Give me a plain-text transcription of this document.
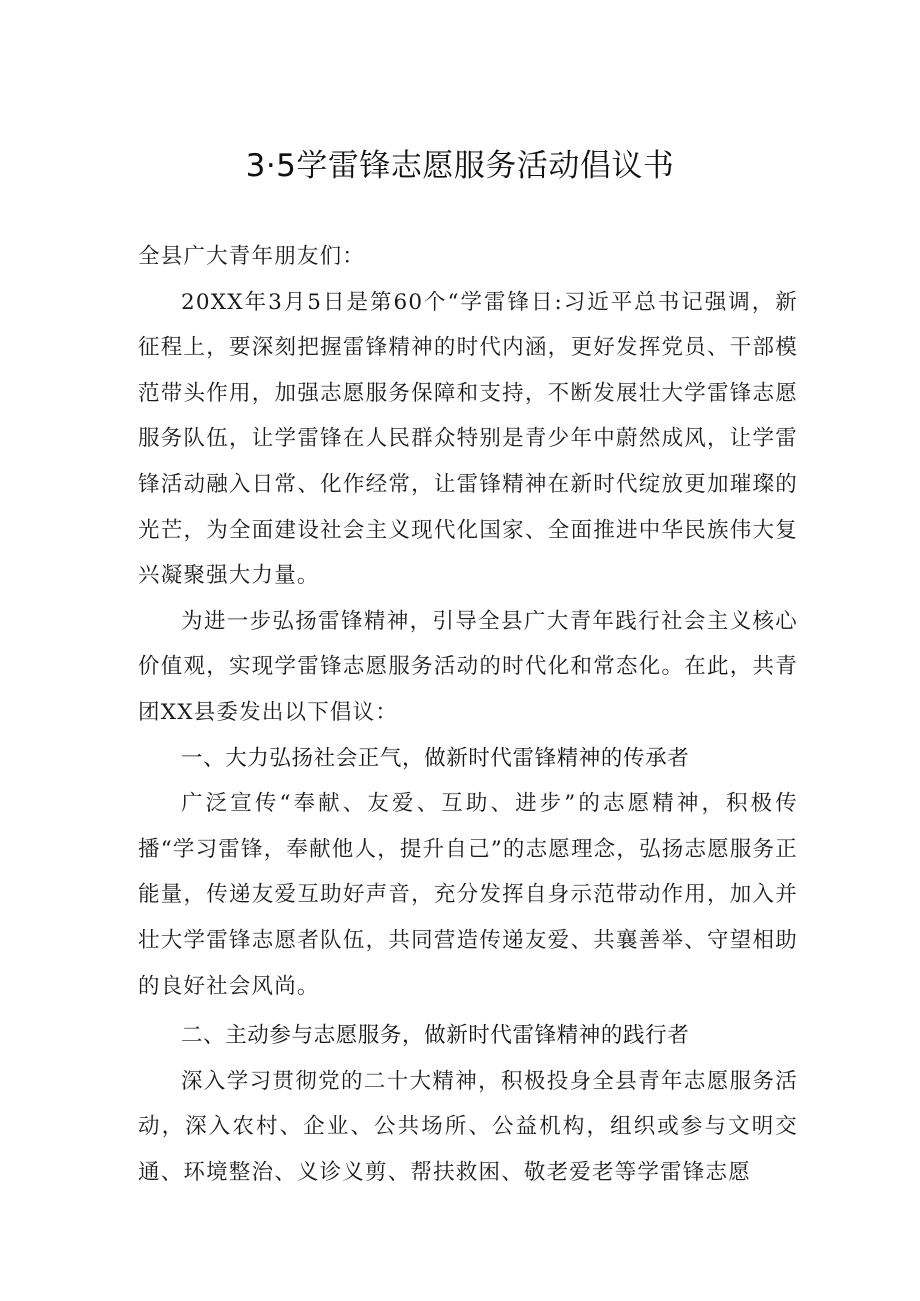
3·5学雷锋志愿服务活动倡议书

全县广大青年朋友们：

20XX年3月5日是第60个“学雷锋日:习近平总书记强调，新征程上，要深刻把握雷锋精神的时代内涵，更好发挥党员、干部模范带头作用，加强志愿服务保障和支持，不断发展壮大学雷锋志愿服务队伍，让学雷锋在人民群众特别是青少年中蔚然成风，让学雷锋活动融入日常、化作经常，让雷锋精神在新时代绽放更加璀璨的光芒，为全面建设社会主义现代化国家、全面推进中华民族伟大复兴凝聚强大力量。

为进一步弘扬雷锋精神，引导全县广大青年践行社会主义核心价值观，实现学雷锋志愿服务活动的时代化和常态化。在此，共青团XX县委发出以下倡议：

一、大力弘扬社会正气，做新时代雷锋精神的传承者

广泛宣传“奉献、友爱、互助、进步”的志愿精神，积极传播“学习雷锋，奉献他人，提升自己”的志愿理念，弘扬志愿服务正能量，传递友爱互助好声音，充分发挥自身示范带动作用，加入并壮大学雷锋志愿者队伍，共同营造传递友爱、共襄善举、守望相助的良好社会风尚。

二、主动参与志愿服务，做新时代雷锋精神的践行者

深入学习贯彻党的二十大精神，积极投身全县青年志愿服务活动，深入农村、企业、公共场所、公益机构，组织或参与文明交通、环境整治、义诊义剪、帮扶救困、敬老爱老等学雷锋志愿
